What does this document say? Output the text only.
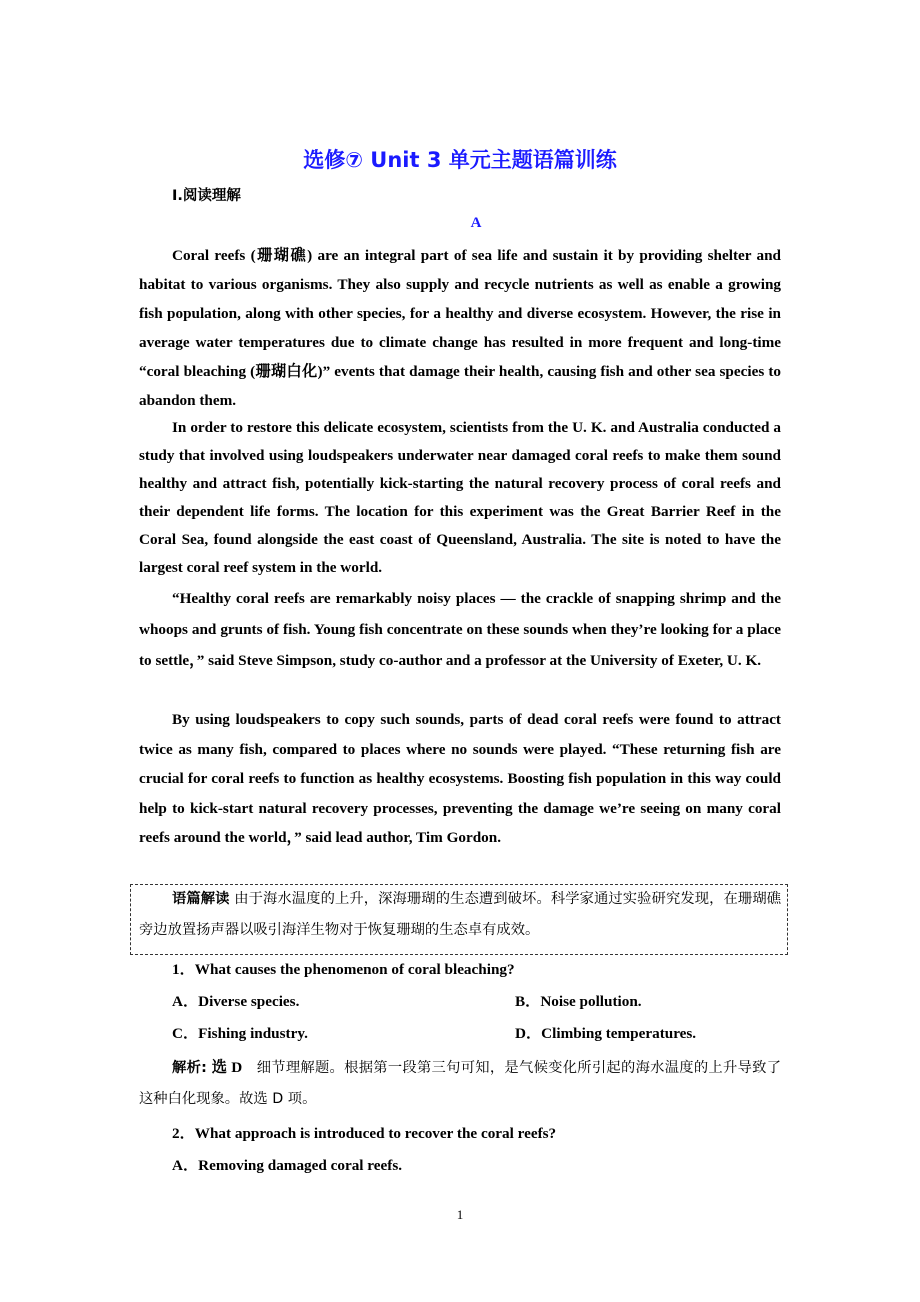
选修⑦ Unit 3 单元主题语篇训练
Ⅰ.阅读理解
A

Coral reefs (珊瑚礁) are an integral part of sea life and sustain it by providing shelter and habitat to various organisms. They also supply and recycle nutrients as well as enable a growing fish population, along with other species, for a healthy and diverse ecosystem. However, the rise in average water temperatures due to climate change has resulted in more frequent and long-time “coral bleaching (珊瑚白化)” events that damage their health, causing fish and other sea species to abandon them.

In order to restore this delicate ecosystem, scientists from the U. K. and Australia conducted a study that involved using loudspeakers underwater near damaged coral reefs to make them sound healthy and attract fish, potentially kick-starting the natural recovery process of coral reefs and their dependent life forms. The location for this experiment was the Great Barrier Reef in the Coral Sea, found alongside the east coast of Queensland, Australia. The site is noted to have the largest coral reef system in the world.

“Healthy coral reefs are remarkably noisy places — the crackle of snapping shrimp and the whoops and grunts of fish. Young fish concentrate on these sounds when they’re looking for a place to settle，” said Steve Simpson, study co-author and a professor at the University of Exeter, U. K.

By using loudspeakers to copy such sounds, parts of dead coral reefs were found to attract twice as many fish, compared to places where no sounds were played. “These returning fish are crucial for coral reefs to function as healthy ecosystems. Boosting fish population in this way could help to kick-start natural recovery processes, preventing the damage we’re seeing on many coral reefs around the world，” said lead author, Tim Gordon.

语篇解读 由于海水温度的上升，深海珊瑚的生态遭到破坏。科学家通过实验研究发现，在珊瑚礁旁边放置扬声器以吸引海洋生物对于恢复珊瑚的生态卓有成效。
1．What causes the phenomenon of coral bleaching?
A．Diverse species.	B．Noise pollution.
C．Fishing industry.	D．Climbing temperatures.
解析: 选 D 细节理解题。根据第一段第三句可知，是气候变化所引起的海水温度的上升导致了这种白化现象。故选 D 项。
2．What approach is introduced to recover the coral reefs?
A．Removing damaged coral reefs.
1
